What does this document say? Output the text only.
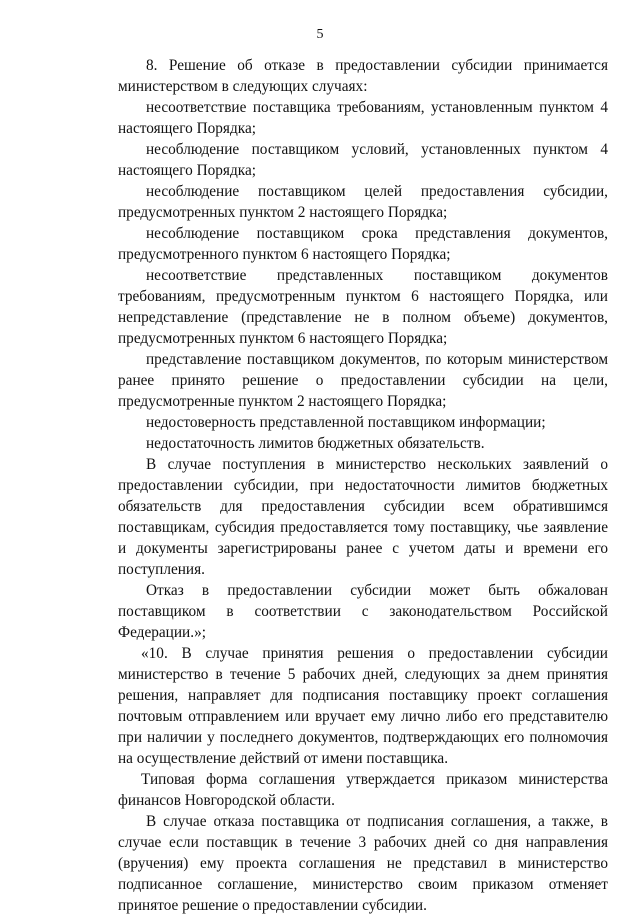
5

8. Решение об отказе в предоставлении субсидии принимается министерством в следующих случаях:

несоответствие поставщика требованиям, установленным пунктом 4 настоящего Порядка;

несоблюдение поставщиком условий, установленных пунктом 4 настоящего Порядка;

несоблюдение поставщиком целей предоставления субсидии, предусмотренных пунктом 2 настоящего Порядка;

несоблюдение поставщиком срока представления документов, предусмотренного пунктом 6 настоящего Порядка;

несоответствие представленных поставщиком документов требованиям, предусмотренным пунктом 6 настоящего Порядка, или непредставление (представление не в полном объеме) документов, предусмотренных пунктом 6 настоящего Порядка;

представление поставщиком документов, по которым министерством ранее принято решение о предоставлении субсидии на цели, предусмотренные пунктом 2 настоящего Порядка;

недостоверность представленной поставщиком информации;

недостаточность лимитов бюджетных обязательств.

В случае поступления в министерство нескольких заявлений о предоставлении субсидии, при недостаточности лимитов бюджетных обязательств для предоставления субсидии всем обратившимся поставщикам, субсидия предоставляется тому поставщику, чье заявление и документы зарегистрированы ранее с учетом даты и времени его поступления.

Отказ в предоставлении субсидии может быть обжалован поставщиком в соответствии с законодательством Российской Федерации.»;

«10. В случае принятия решения о предоставлении субсидии министерство в течение 5 рабочих дней, следующих за днем принятия решения, направляет для подписания поставщику проект соглашения почтовым отправлением или вручает ему лично либо его представителю при наличии у последнего документов, подтверждающих его полномочия на осуществление действий от имени поставщика.

Типовая форма соглашения утверждается приказом министерства финансов Новгородской области.

В случае отказа поставщика от подписания соглашения, а также, в случае если поставщик в течение 3 рабочих дней со дня направления (вручения) ему проекта соглашения не представил в министерство подписанное соглашение, министерство своим приказом отменяет принятое решение о предоставлении субсидии.
